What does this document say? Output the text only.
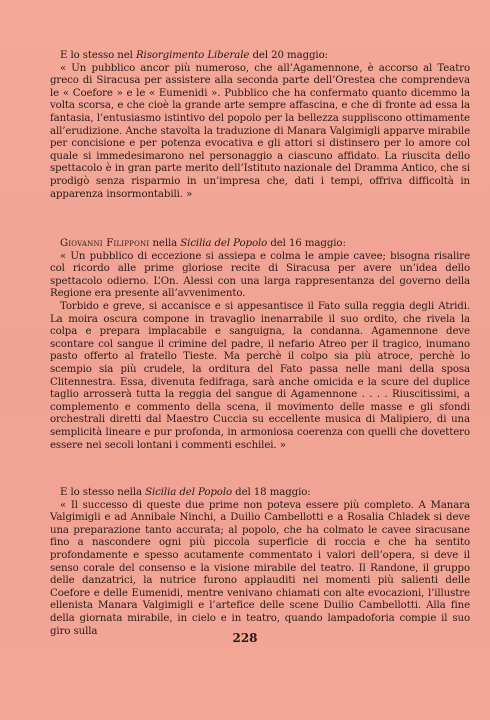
E lo stesso nel Risorgimento Liberale del 20 maggio:

« Un pubblico ancor più numeroso, che all’Agamennone, è accorso al Teatro greco di Siracusa per assistere alla seconda parte dell’Orestea che comprendeva le « Coefore » e le « Eumenidi ». Pubblico che ha confermato quanto dicemmo la volta scorsa, e che cioè la grande arte sempre affascina, e che di fronte ad essa la fantasia, l’entusiasmo istintivo del popolo per la bellezza suppliscono ottimamente all’erudizione. Anche stavolta la traduzione di Manara Valgimigli apparve mirabile per concisione e per potenza evocativa e gli attori si distinsero per lo amore col quale si immedesimarono nel personaggio a ciascuno affidato. La riuscita dello spettacolo è in gran parte merito dell’Istituto nazionale del Dramma Antico, che si prodigò senza risparmio in un’impresa che, dati i tempi, offriva difficoltà in apparenza insormontabili. »

Giovanni Filipponi nella Sicilia del Popolo del 16 maggio:

« Un pubblico di eccezione si assiepa e colma le ampie cavee; bisogna risalire col ricordo alle prime gloriose recite di Siracusa per avere un’idea dello spettacolo odierno. L’On. Alessi con una larga rappresentanza del governo della Regione era presente all’avvenimento.

Torbido e greve, si accanisce e si appesantisce il Fato sulla reggia degli Atridi. La moira oscura compone in travaglio inenarrabile il suo ordito, che rivela la colpa e prepara implacabile e sanguigna, la condanna. Agamennone deve scontare col sangue il crimine del padre, il nefario Atreo per il tragico, inumano pasto offerto al fratello Tieste. Ma perchè il colpo sia più atroce, perchè lo scempio sia più crudele, la orditura del Fato passa nelle mani della sposa Clitennestra. Essa, divenuta fedifraga, sarà anche omicida e la scure del duplice taglio arrosserà tutta la reggia del sangue di Agamennone . . . . Riuscitissimi, a complemento e commento della scena, il movimento delle masse e gli sfondi orchestrali diretti dal Maestro Cuccia su eccellente musica di Malipiero, di una semplicità lineare e pur profonda, in armoniosa coerenza con quelli che dovettero essere nei secoli lontani i commenti eschilei. »

E lo stesso nella Sicilia del Popolo del 18 maggio:

« Il successo di queste due prime non poteva essere più completo. A Manara Valgimigli e ad Annibale Ninchi, a Duilio Cambellotti e a Rosalia Chladek si deve una preparazione tanto accurata; al popolo, che ha colmato le cavee siracusane fino a nascondere ogni più piccola superficie di roccia e che ha sentito profondamente e spesso acutamente commentato i valori dell’opera, si deve il senso corale del consenso e la visione mirabile del teatro. Il Randone, il gruppo delle danzatrici, la nutrice furono applauditi nei momenti più salienti delle Coefore e delle Eumenidi, mentre venivano chiamati con alte evocazioni, l’illustre ellenista Manara Valgimigli e l’artefice delle scene Duilio Cambellotti. Alla fine della giornata mirabile, in cielo e in teatro, quando lampadoforia compie il suo giro sulla	228
